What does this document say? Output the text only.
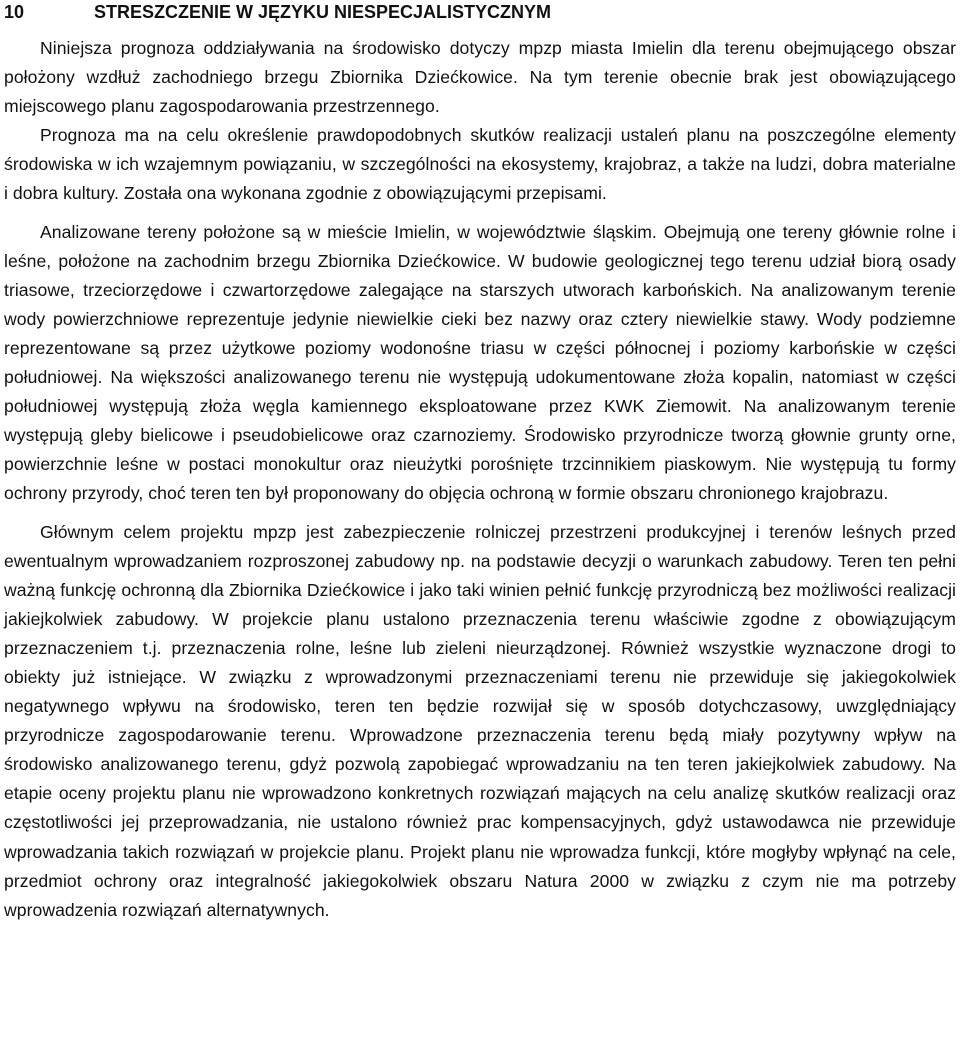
10	STRESZCZENIE W JĘZYKU NIESPECJALISTYCZNYM

Niniejsza prognoza oddziaływania na środowisko dotyczy mpzp miasta Imielin dla terenu obejmującego obszar położony wzdłuż zachodniego brzegu Zbiornika Dziećkowice. Na tym terenie obecnie brak jest obowiązującego miejscowego planu zagospodarowania przestrzennego.

Prognoza ma na celu określenie prawdopodobnych skutków realizacji ustaleń planu na poszczególne elementy środowiska w ich wzajemnym powiązaniu, w szczególności na ekosystemy, krajobraz, a także na ludzi, dobra materialne i dobra kultury. Została ona wykonana zgodnie z obowiązującymi przepisami.

Analizowane tereny położone są w mieście Imielin, w województwie śląskim. Obejmują one tereny głównie rolne i leśne, położone na zachodnim brzegu Zbiornika Dziećkowice. W budowie geologicznej tego terenu udział biorą osady triasowe, trzeciorzędowe i czwartorzędowe zalegające na starszych utworach karbońskich. Na analizowanym terenie wody powierzchniowe reprezentuje jedynie niewielkie cieki bez nazwy oraz cztery niewielkie stawy. Wody podziemne reprezentowane są przez użytkowe poziomy wodonośne triasu w części północnej i poziomy karbońskie w części południowej. Na większości analizowanego terenu nie występują udokumentowane złoża kopalin, natomiast w części południowej występują złoża węgla kamiennego eksploatowane przez KWK Ziemowit. Na analizowanym terenie występują gleby bielicowe i pseudobielicowe oraz czarnoziemy. Środowisko przyrodnicze tworzą głownie grunty orne, powierzchnie leśne w postaci monokultur oraz nieużytki porośnięte trzcinnikiem piaskowym. Nie występują tu formy ochrony przyrody, choć teren ten był proponowany do objęcia ochroną w formie obszaru chronionego krajobrazu.

Głównym celem projektu mpzp jest zabezpieczenie rolniczej przestrzeni produkcyjnej i terenów leśnych przed ewentualnym wprowadzaniem rozproszonej zabudowy np. na podstawie decyzji o warunkach zabudowy. Teren ten pełni ważną funkcję ochronną dla Zbiornika Dziećkowice i jako taki winien pełnić funkcję przyrodniczą bez możliwości realizacji jakiejkolwiek zabudowy. W projekcie planu ustalono przeznaczenia terenu właściwie zgodne z obowiązującym przeznaczeniem t.j. przeznaczenia rolne, leśne lub zieleni nieurządzonej. Również wszystkie wyznaczone drogi to obiekty już istniejące. W związku z wprowadzonymi przeznaczeniami terenu nie przewiduje się jakiegokolwiek negatywnego wpływu na środowisko, teren ten będzie rozwijał się w sposób dotychczasowy, uwzględniający przyrodnicze zagospodarowanie terenu. Wprowadzone przeznaczenia terenu będą miały pozytywny wpływ na środowisko analizowanego terenu, gdyż pozwolą zapobiegać wprowadzaniu na ten teren jakiejkolwiek zabudowy. Na etapie oceny projektu planu nie wprowadzono konkretnych rozwiązań mających na celu analizę skutków realizacji oraz częstotliwości jej przeprowadzania, nie ustalono również prac kompensacyjnych, gdyż ustawodawca nie przewiduje wprowadzania takich rozwiązań w projekcie planu. Projekt planu nie wprowadza funkcji, które mogłyby wpłynąć na cele, przedmiot ochrony oraz integralność jakiegokolwiek obszaru Natura 2000 w związku z czym nie ma potrzeby wprowadzenia rozwiązań alternatywnych.
